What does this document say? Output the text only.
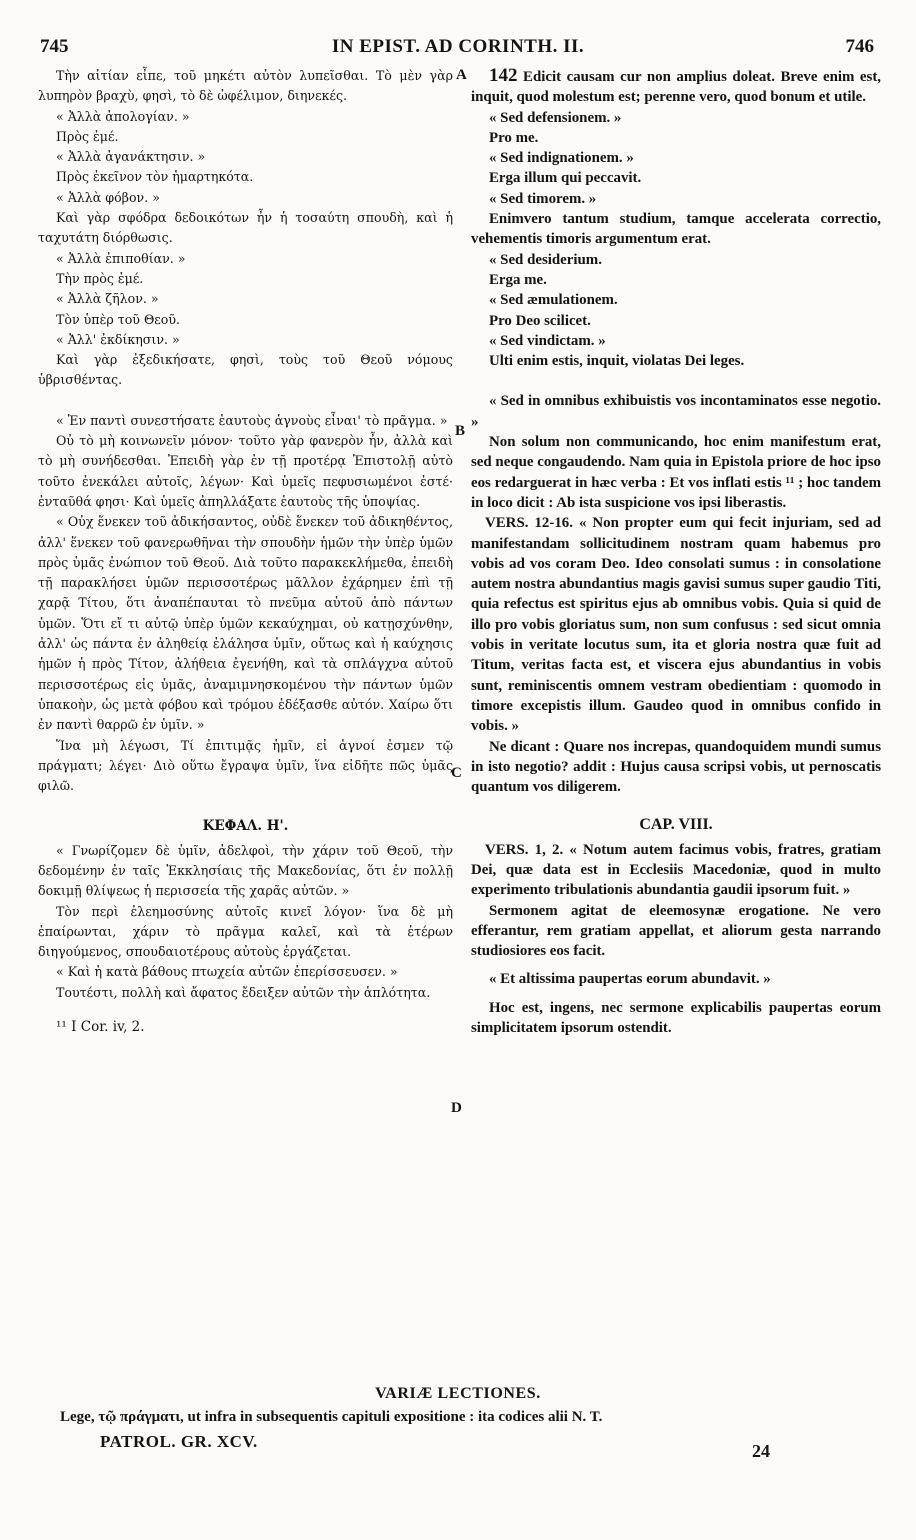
745	IN EPIST. AD CORINTH. II.	746
A
B
C
D

Τὴν αἰτίαν εἶπε, τοῦ μηκέτι αὐτὸν λυπεῖσθαι. Τὸ μὲν γὰρ λυπηρὸν βραχὺ, φησὶ, τὸ δὲ ὠφέλιμον, διηνεκές.

« Ἀλλὰ ἀπολογίαν. »

Πρὸς ἐμέ.

« Ἀλλὰ ἀγανάκτησιν. »

Πρὸς ἐκεῖνον τὸν ἡμαρτηκότα.

« Ἀλλὰ φόβον. »

Καὶ γὰρ σφόδρα δεδοικότων ἦν ἡ τοσαύτη σπουδὴ, καὶ ἡ ταχυτάτη διόρθωσις.

« Ἀλλὰ ἐπιποθίαν. »

Τὴν πρὸς ἐμέ.

« Ἀλλὰ ζῆλον. »

Τὸν ὑπὲρ τοῦ Θεοῦ.

« Ἀλλ' ἐκδίκησιν. »

Καὶ γὰρ ἐξεδικήσατε, φησὶ, τοὺς τοῦ Θεοῦ νόμους ὑβρισθέντας.

« Ἐν παντὶ συνεστήσατε ἑαυτοὺς ἁγνοὺς εἶναι' τὸ πρᾶγμα. »

Οὐ τὸ μὴ κοινωνεῖν μόνον· τοῦτο γὰρ φανερὸν ἦν, ἀλλὰ καὶ τὸ μὴ συνήδεσθαι. Ἐπειδὴ γὰρ ἐν τῇ προτέρᾳ Ἐπιστολῇ αὐτὸ τοῦτο ἐνεκάλει αὐτοῖς, λέγων· Καὶ ὑμεῖς πεφυσιωμένοι ἐστέ· ἐνταῦθά φησι· Καὶ ὑμεῖς ἀπηλλάξατε ἑαυτοὺς τῆς ὑποψίας.

« Οὐχ ἕνεκεν τοῦ ἀδικήσαντος, οὐδὲ ἕνεκεν τοῦ ἀδικηθέντος, ἀλλ' ἕνεκεν τοῦ φανερωθῆναι τὴν σπουδὴν ἡμῶν τὴν ὑπὲρ ὑμῶν πρὸς ὑμᾶς ἐνώπιον τοῦ Θεοῦ. Διὰ τοῦτο παρακεκλήμεθα, ἐπειδὴ τῇ παρακλήσει ὑμῶν περισσοτέρως μᾶλλον ἐχάρημεν ἐπὶ τῇ χαρᾷ Τίτου, ὅτι ἀναπέπαυται τὸ πνεῦμα αὐτοῦ ἀπὸ πάντων ὑμῶν. Ὅτι εἴ τι αὐτῷ ὑπὲρ ὑμῶν κεκαύχημαι, οὐ κατῃσχύνθην, ἀλλ' ὡς πάντα ἐν ἀληθείᾳ ἐλάλησα ὑμῖν, οὕτως καὶ ἡ καύχησις ἡμῶν ἡ πρὸς Τίτον, ἀλήθεια ἐγενήθη, καὶ τὰ σπλάγχνα αὐτοῦ περισσοτέρως εἰς ὑμᾶς, ἀναμιμνησκομένου τὴν πάντων ὑμῶν ὑπακοὴν, ὡς μετὰ φόβου καὶ τρόμου ἐδέξασθε αὐτόν. Χαίρω ὅτι ἐν παντὶ θαρρῶ ἐν ὑμῖν. »

Ἵνα μὴ λέγωσι, Τί ἐπιτιμᾷς ἡμῖν, εἰ ἁγνοί ἐσμεν τῷ πράγματι; λέγει· Διὸ οὕτω ἔγραψα ὑμῖν, ἵνα εἰδῆτε πῶς ὑμᾶς φιλῶ.

ΚΕΦΑΛ. Η'.

« Γνωρίζομεν δὲ ὑμῖν, ἀδελφοὶ, τὴν χάριν τοῦ Θεοῦ, τὴν δεδομένην ἐν ταῖς Ἐκκλησίαις τῆς Μακεδονίας, ὅτι ἐν πολλῇ δοκιμῇ θλίψεως ἡ περισσεία τῆς χαρᾶς αὐτῶν. »

Τὸν περὶ ἐλεημοσύνης αὐτοῖς κινεῖ λόγον· ἵνα δὲ μὴ ἐπαίρωνται, χάριν τὸ πρᾶγμα καλεῖ, καὶ τὰ ἑτέρων διηγούμενος, σπουδαιοτέρους αὐτοὺς ἐργάζεται.

« Καὶ ἡ κατὰ βάθους πτωχεία αὐτῶν ἐπερίσσευσεν. »

Τουτέστι, πολλὴ καὶ ἄφατος ἔδειξεν αὐτῶν τὴν ἁπλότητα.

¹¹ I Cor. iv, 2.

142 Edicit causam cur non amplius doleat. Breve enim est, inquit, quod molestum est; perenne vero, quod bonum et utile.

« Sed defensionem. »

Pro me.

« Sed indignationem. »

Erga illum qui peccavit.

« Sed timorem. »

Enimvero tantum studium, tamque accelerata correctio, vehementis timoris argumentum erat.

« Sed desiderium.

Erga me.

« Sed æmulationem.

Pro Deo scilicet.

« Sed vindictam. »

Ulti enim estis, inquit, violatas Dei leges.

« Sed in omnibus exhibuistis vos incontaminatos esse negotio. »

Non solum non communicando, hoc enim manifestum erat, sed neque congaudendo. Nam quia in Epistola priore de hoc ipso eos redarguerat in hæc verba : Et vos inflati estis ¹¹ ; hoc tandem in loco dicit : Ab ista suspicione vos ipsi liberastis.

VERS. 12-16. « Non propter eum qui fecit injuriam, sed ad manifestandam sollicitudinem nostram quam habemus pro vobis ad vos coram Deo. Ideo consolati sumus : in consolatione autem nostra abundantius magis gavisi sumus super gaudio Titi, quia refectus est spiritus ejus ab omnibus vobis. Quia si quid de illo pro vobis gloriatus sum, non sum confusus : sed sicut omnia vobis in veritate locutus sum, ita et gloria nostra quæ fuit ad Titum, veritas facta est, et viscera ejus abundantius in vobis sunt, reminiscentis omnem vestram obedientiam : quomodo in timore excepistis illum. Gaudeo quod in omnibus confido in vobis. »

Ne dicant : Quare nos increpas, quandoquidem mundi sumus in isto negotio? addit : Hujus causa scripsi vobis, ut pernoscatis quantum vos diligerem.

CAP. VIII.

VERS. 1, 2. « Notum autem facimus vobis, fratres, gratiam Dei, quæ data est in Ecclesiis Macedoniæ, quod in multo experimento tribulationis abundantia gaudii ipsorum fuit. »

Sermonem agitat de eleemosynæ erogatione. Ne vero efferantur, rem gratiam appellat, et aliorum gesta narrando studiosiores eos facit.

« Et altissima paupertas eorum abundavit. »

Hoc est, ingens, nec sermone explicabilis paupertas eorum simplicitatem ipsorum ostendit.

VARIÆ LECTIONES.
Lege, τῷ πράγματι, ut infra in subsequentis capituli expositione : ita codices alii N. T.
PATROL. GR. XCV.	24
